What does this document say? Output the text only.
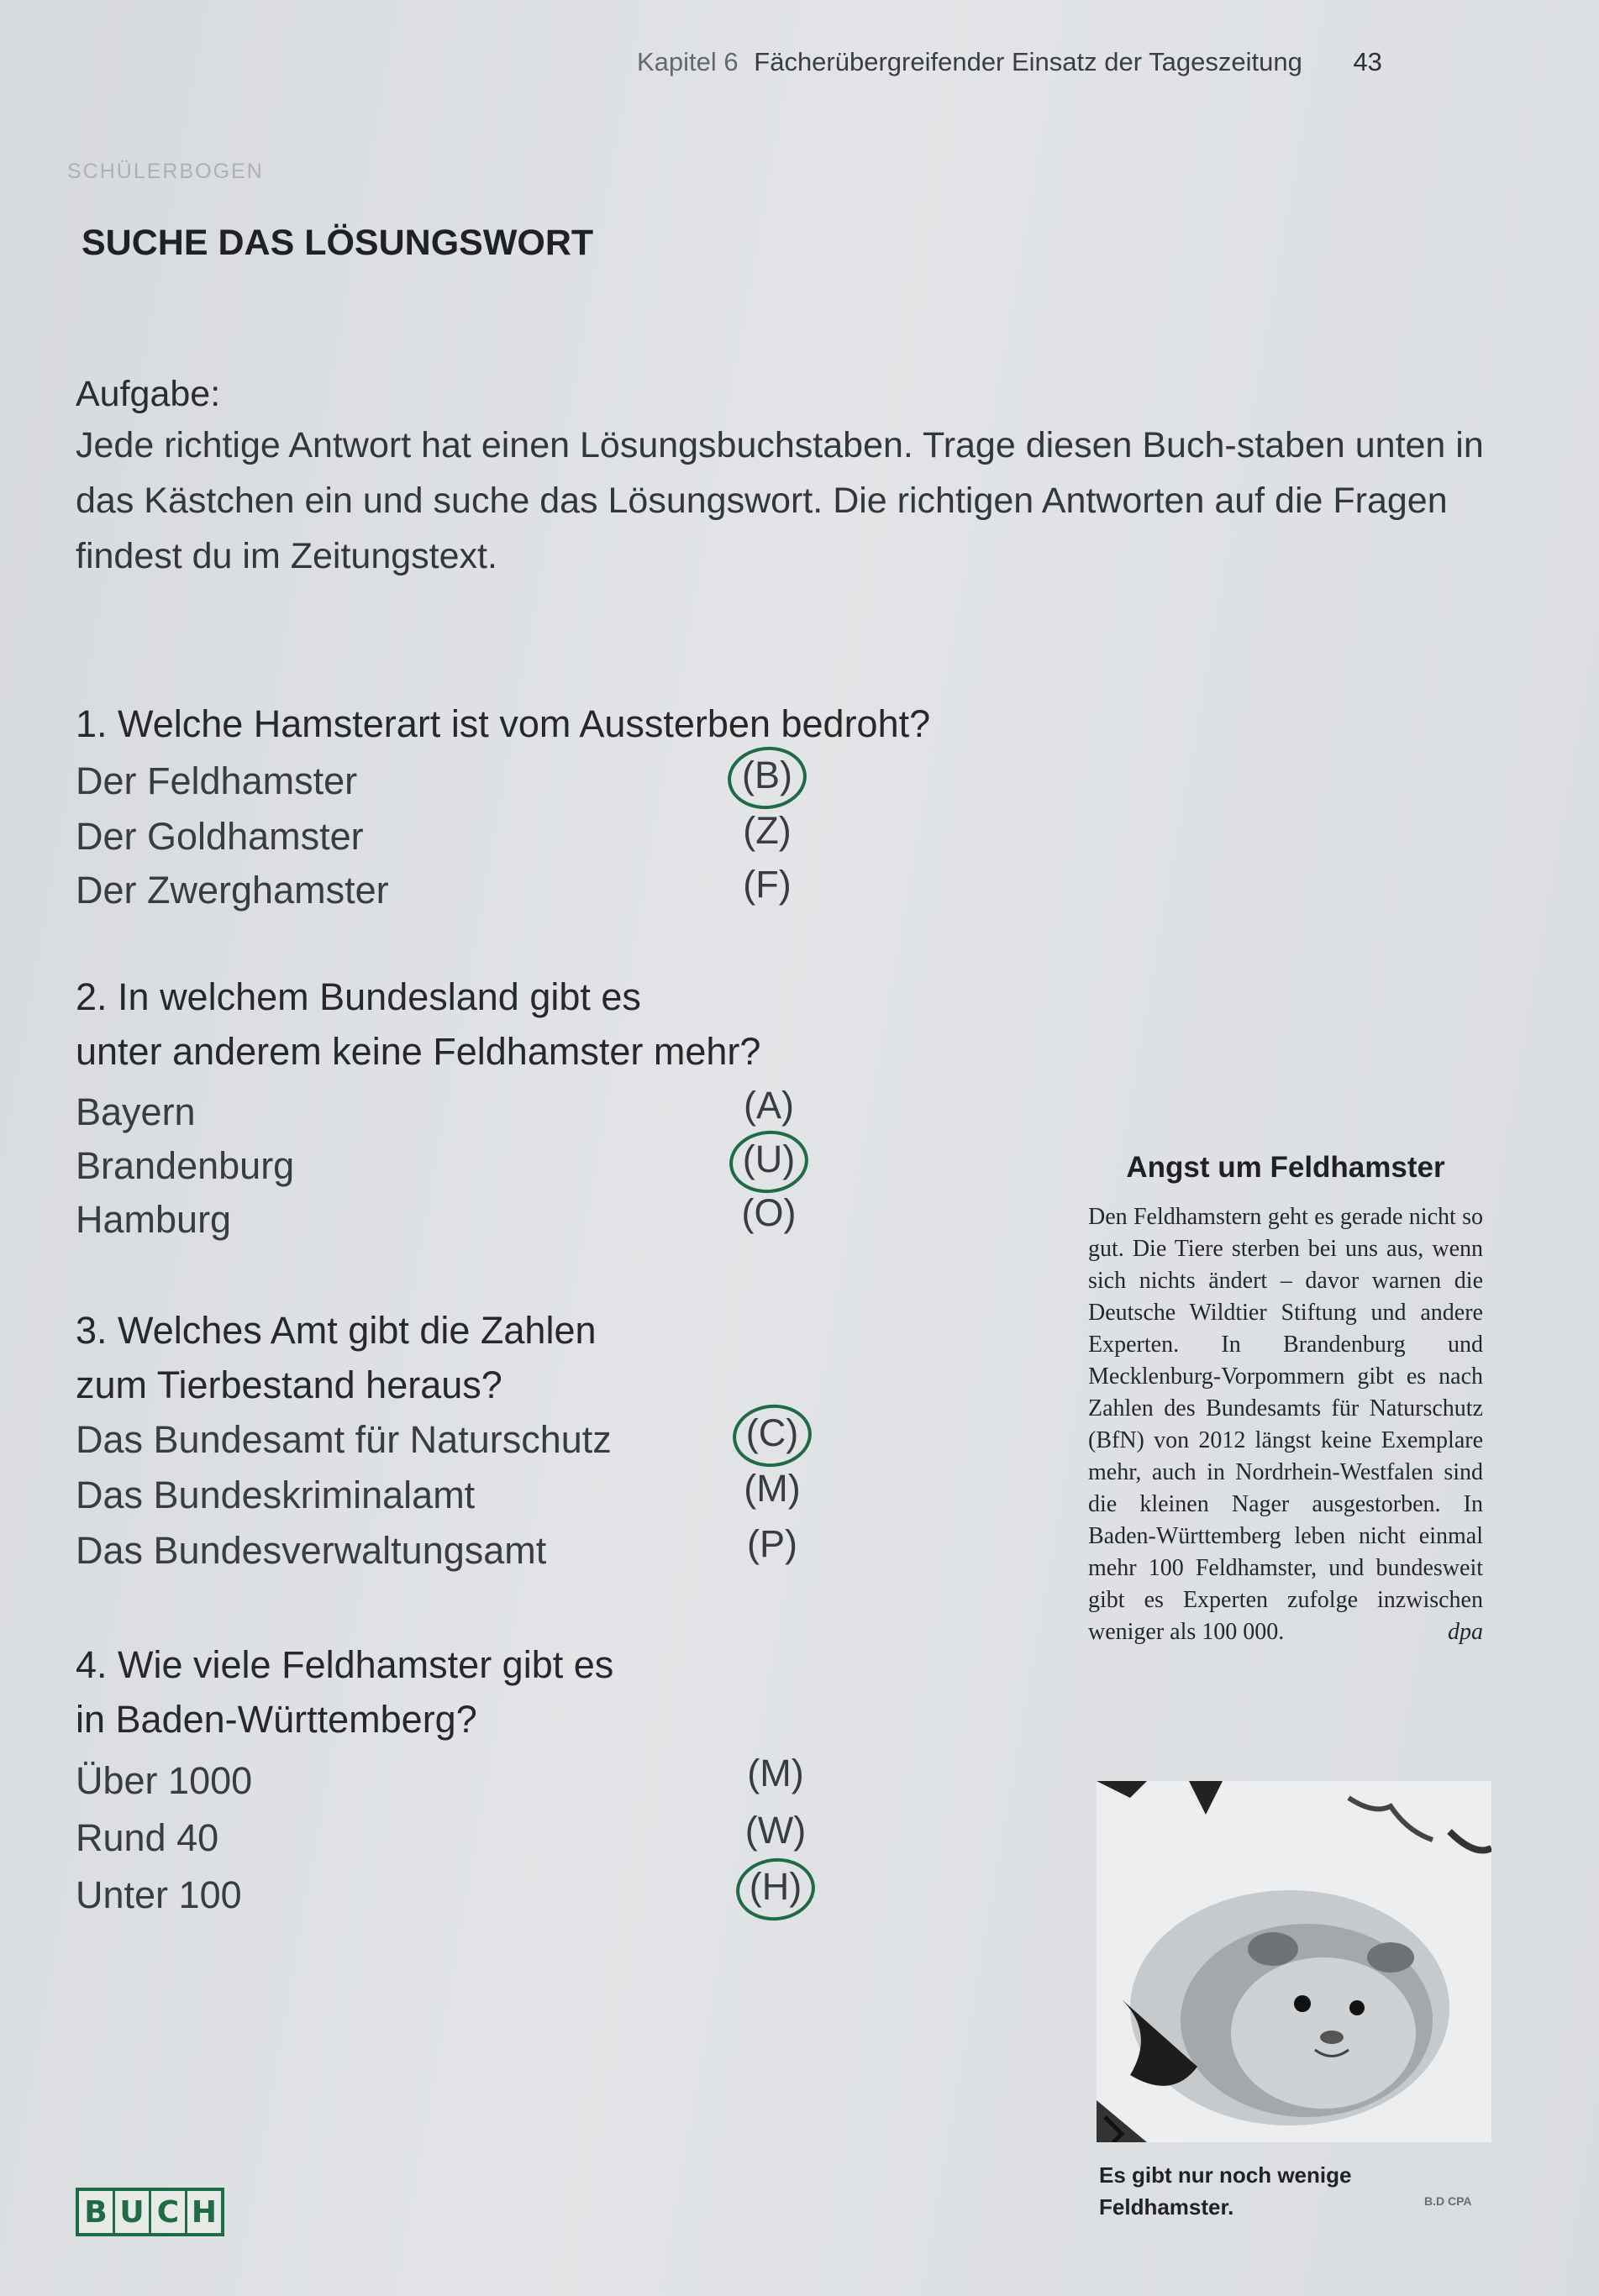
Kapitel 6 Fächerübergreifender Einsatz der Tageszeitung 43
SCHÜLERBOGEN
SUCHE DAS LÖSUNGSWORT
Aufgabe:
Jede richtige Antwort hat einen Lösungsbuchstaben. Trage diesen Buch-staben unten in das Kästchen ein und suche das Lösungswort. Die richtigen Antworten auf die Fragen findest du im Zeitungstext.
1. Welche Hamsterart ist vom Aussterben bedroht?
Der Feldhamster	(B)
Der Goldhamster	(Z)
Der Zwerghamster	(F)
2. In welchem Bundesland gibt es
unter anderem keine Feldhamster mehr?
Bayern	(A)
Brandenburg	(U)
Hamburg	(O)
3. Welches Amt gibt die Zahlen
zum Tierbestand heraus?
Das Bundesamt für Naturschutz	(C)
Das Bundeskriminalamt	(M)
Das Bundesverwaltungsamt	(P)
4. Wie viele Feldhamster gibt es
in Baden-Württemberg?
Über 1000	(M)
Rund 40	(W)
Unter 100	(H)
B U C H
Angst um Feldhamster
Den Feldhamstern geht es gerade nicht so gut. Die Tiere sterben bei uns aus, wenn sich nichts ändert – davor warnen die Deutsche Wildtier Stiftung und andere Experten. In Brandenburg und Mecklenburg-Vorpommern gibt es nach Zahlen des Bundesamts für Naturschutz (BfN) von 2012 längst keine Exemplare mehr, auch in Nordrhein-Westfalen sind die kleinen Nager ausgestorben. In Baden-Württemberg leben nicht einmal mehr 100 Feldhamster, und bundesweit gibt es Experten zufolge inzwischen weniger als 100 000.	dpa
Es gibt nur noch wenige
Feldhamster.	B.D CPA
